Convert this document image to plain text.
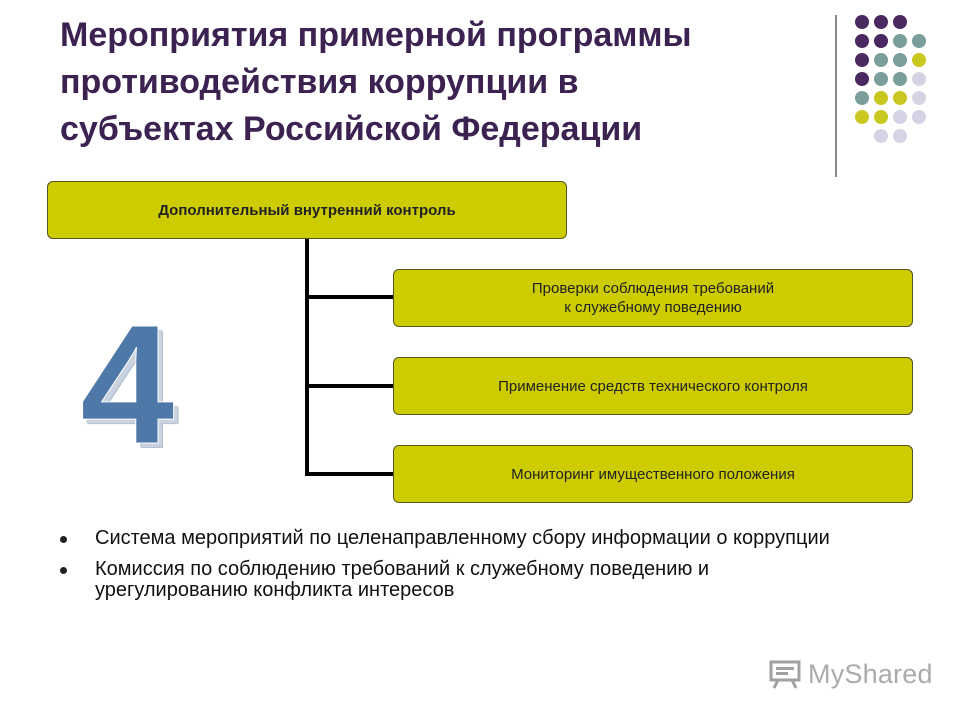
Мероприятия примерной программы
противодействия коррупции в
субъектах Российской Федерации
Дополнительный внутренний контроль
Проверки соблюдения требований
к служебному поведению
Применение средств технического контроля
Мониторинг имущественного положения
4
Система мероприятий по целенаправленному сбору информации о коррупции
Комиссия по соблюдению требований к служебному поведению и урегулированию конфликта интересов
MyShared
